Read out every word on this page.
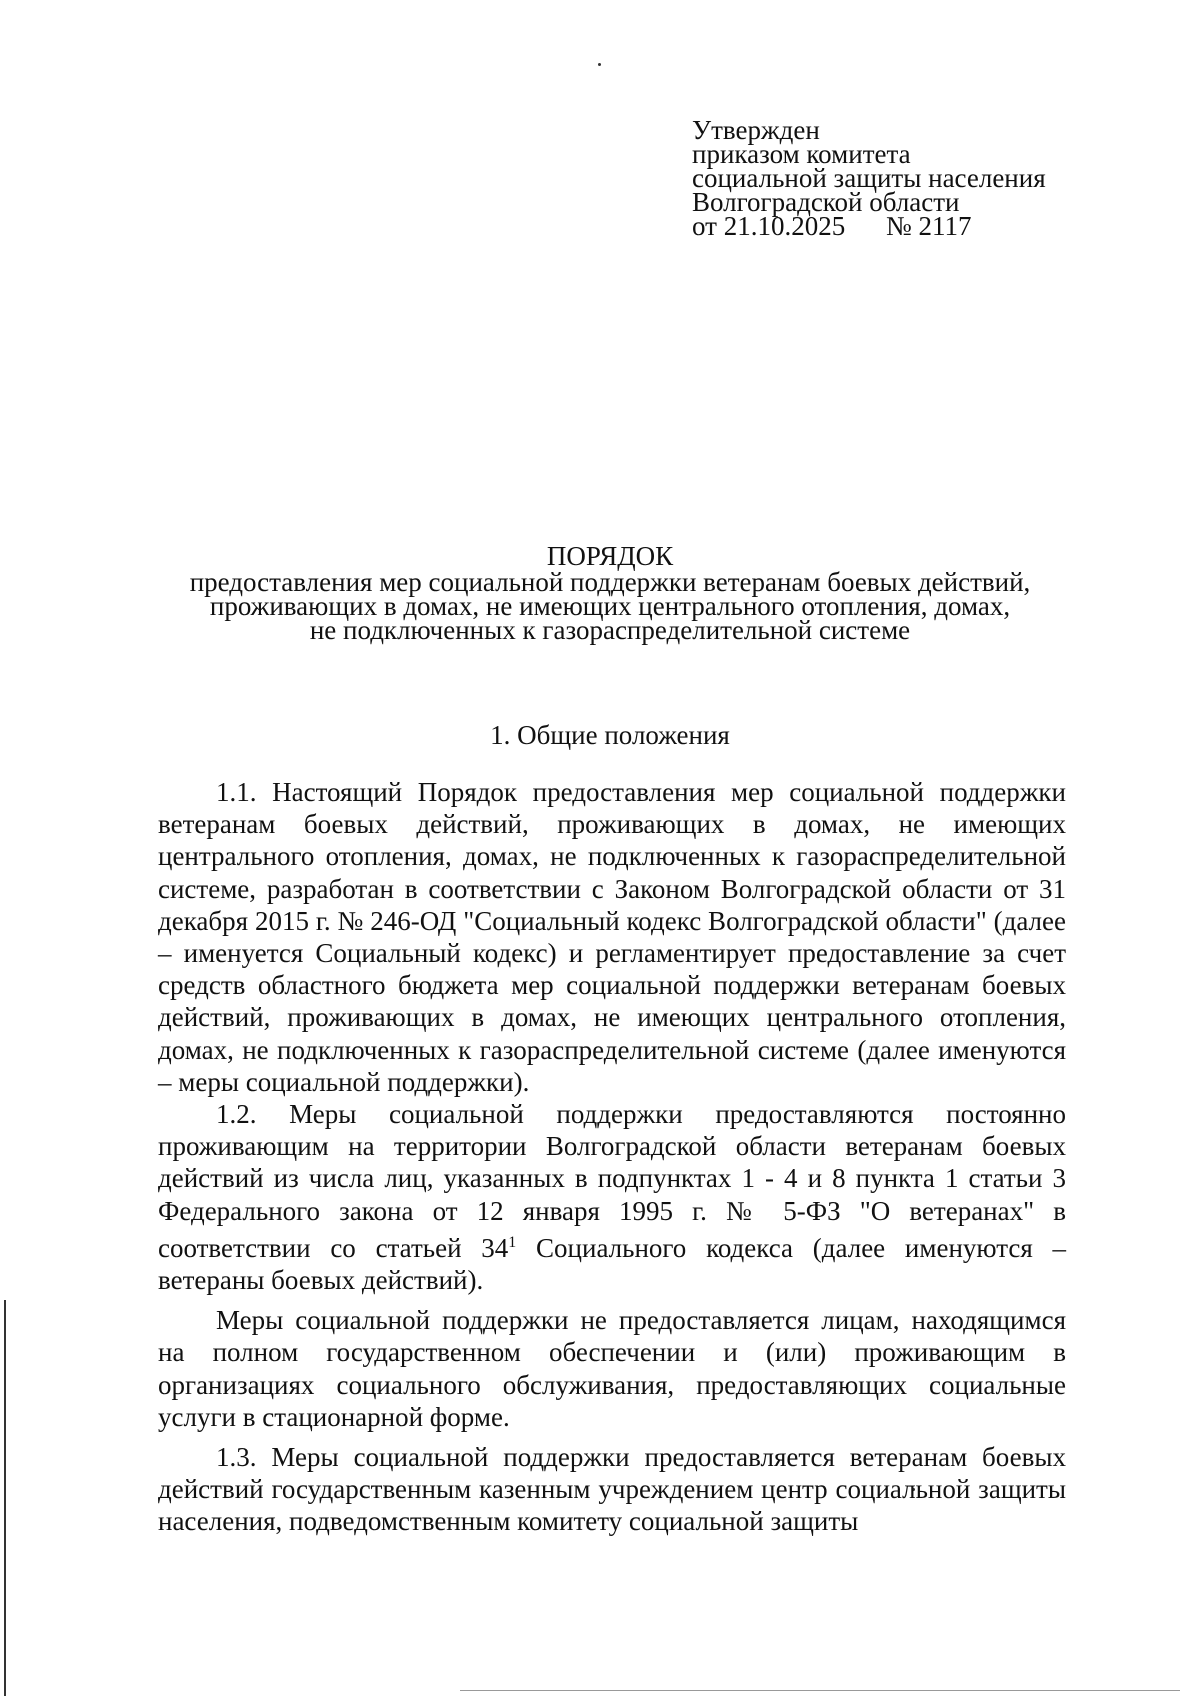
Утвержден
приказом комитета
социальной защиты населения
Волгоградской области
от 21.10.2025 № 2117
ПОРЯДОК
предоставления мер социальной поддержки ветеранам боевых действий,
проживающих в домах, не имеющих центрального отопления, домах,
не подключенных к газораспределительной системе
1. Общие положения

1.1. Настоящий Порядок предоставления мер социальной поддержки ветеранам боевых действий, проживающих в домах, не имеющих центрального отопления, домах, не подключенных к газораспределительной системе, разработан в соответствии с Законом Волгоградской области от 31 декабря 2015 г. № 246-ОД "Социальный кодекс Волгоградской области" (далее – именуется Социальный кодекс) и регламентирует предоставление за счет средств областного бюджета мер социальной поддержки ветеранам боевых действий, проживающих в домах, не имеющих центрального отопления, домах, не подключенных к газораспределительной системе (далее именуются – меры социальной поддержки).

1.2. Меры социальной поддержки предоставляются постоянно проживающим на территории Волгоградской области ветеранам боевых действий из числа лиц, указанных в подпунктах 1 - 4 и 8 пункта 1 статьи 3 Федерального закона от 12 января 1995 г. № 5-ФЗ "О ветеранах" в соответствии со статьей $34^1$ Социального кодекса (далее именуются – ветераны боевых действий).

Меры социальной поддержки не предоставляется лицам, находящимся на полном государственном обеспечении и (или) проживающим в организациях социального обслуживания, предоставляющих социальные услуги в стационарной форме.

1.3. Меры социальной поддержки предоставляется ветеранам боевых действий государственным казенным учреждением центр социальной защиты населения, подведомственным комитету социальной защиты
